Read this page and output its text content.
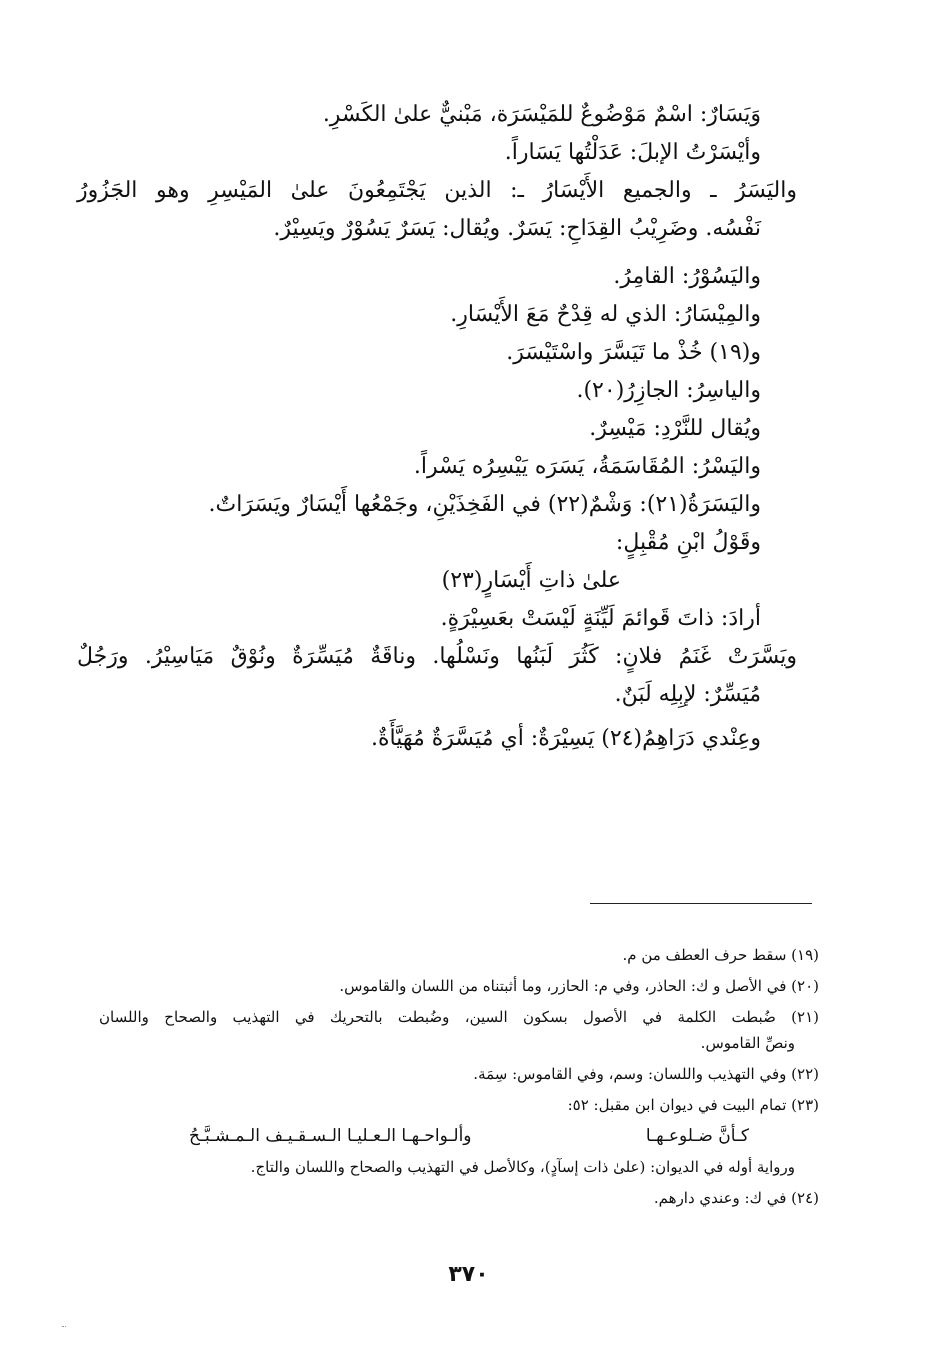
وَيَسَارٌ: اسْمٌ مَوْضُوعٌ للمَيْسَرَة، مَبْنيٌّ علىٰ الكَسْرِ.
وأيْسَرْتُ الإبلَ: عَدَلْتُها يَسَاراً.
واليَسَرُ ـ والجميع الأَيْسَارُ ـ: الذين يَجْتَمِعُونَ علىٰ المَيْسِرِ وهو الجَزُورُ
نَفْسُه. وضَرِيْبُ القِدَاحِ: يَسَرٌ. ويُقال: يَسَرٌ يَسُوْرٌ ويَسِيْرٌ.
واليَسُوْرُ: القامِرُ.
والمِيْسَارُ: الذي له قِدْحٌ مَعَ الأَيْسَارِ.
و(١٩) خُذْ ما تَيَسَّرَ واسْتَيْسَرَ.
والياسِرُ: الجازِرُ(٢٠).
ويُقال للنَّرْدِ: مَيْسِرٌ.
واليَسْرُ: المُقَاسَمَةُ، يَسَرَه يَيْسِرُه يَسْراً.
واليَسَرَةُ(٢١): وَشْمٌ(٢٢) في الفَخِذَيْنِ، وجَمْعُها أَيْسَارٌ ويَسَرَاتٌ.
وقَوْلُ ابْنِ مُقْبِلٍ:
علىٰ ذاتِ أَيْسَارٍ(٢٣)
أرادَ: ذاتَ قَوائمَ لَيِّنَةٍ لَيْسَتْ بعَسِيْرَةٍ.
ويَسَّرَتْ غَنَمُ فلانٍ: كَثُرَ لَبَنُها ونَسْلُها. وناقَةٌ مُيَسِّرَةٌ ونُوْقٌ مَيَاسِيْرُ. ورَجُلٌ
مُيَسِّرٌ: لإبِلِه لَبَنٌ.
وعِنْدي دَرَاهِمُ(٢٤) يَسِيْرَةٌ: أي مُيَسَّرَةٌ مُهَيَّأَةٌ.
(١٩) سقط حرف العطف من م.
(٢٠) في الأصل و ك: الحاذر، وفي م: الحازر، وما أثبتناه من اللسان والقاموس.
(٢١) ضُبطت الكلمة في الأصول بسكون السين، وضُبطت بالتحريك في التهذيب والصحاح واللسان
ونصِّ القاموس.
(٢٢) وفي التهذيب واللسان: وسم، وفي القاموس: سِمَة.
(٢٣) تمام البيت في ديوان ابن مقبل: ٥٢:
كـأنَّ ضـلوعـهـا
وألـواحـهـا الـعـليـا الـسـقـيـف الـمـشـبَّـحُ
ورواية أوله في الديوان: (علىٰ ذات إسآدٍ)، وكالأصل في التهذيب والصحاح واللسان والتاج.
(٢٤) في ك: وعندي دارهم.
٣٧٠
